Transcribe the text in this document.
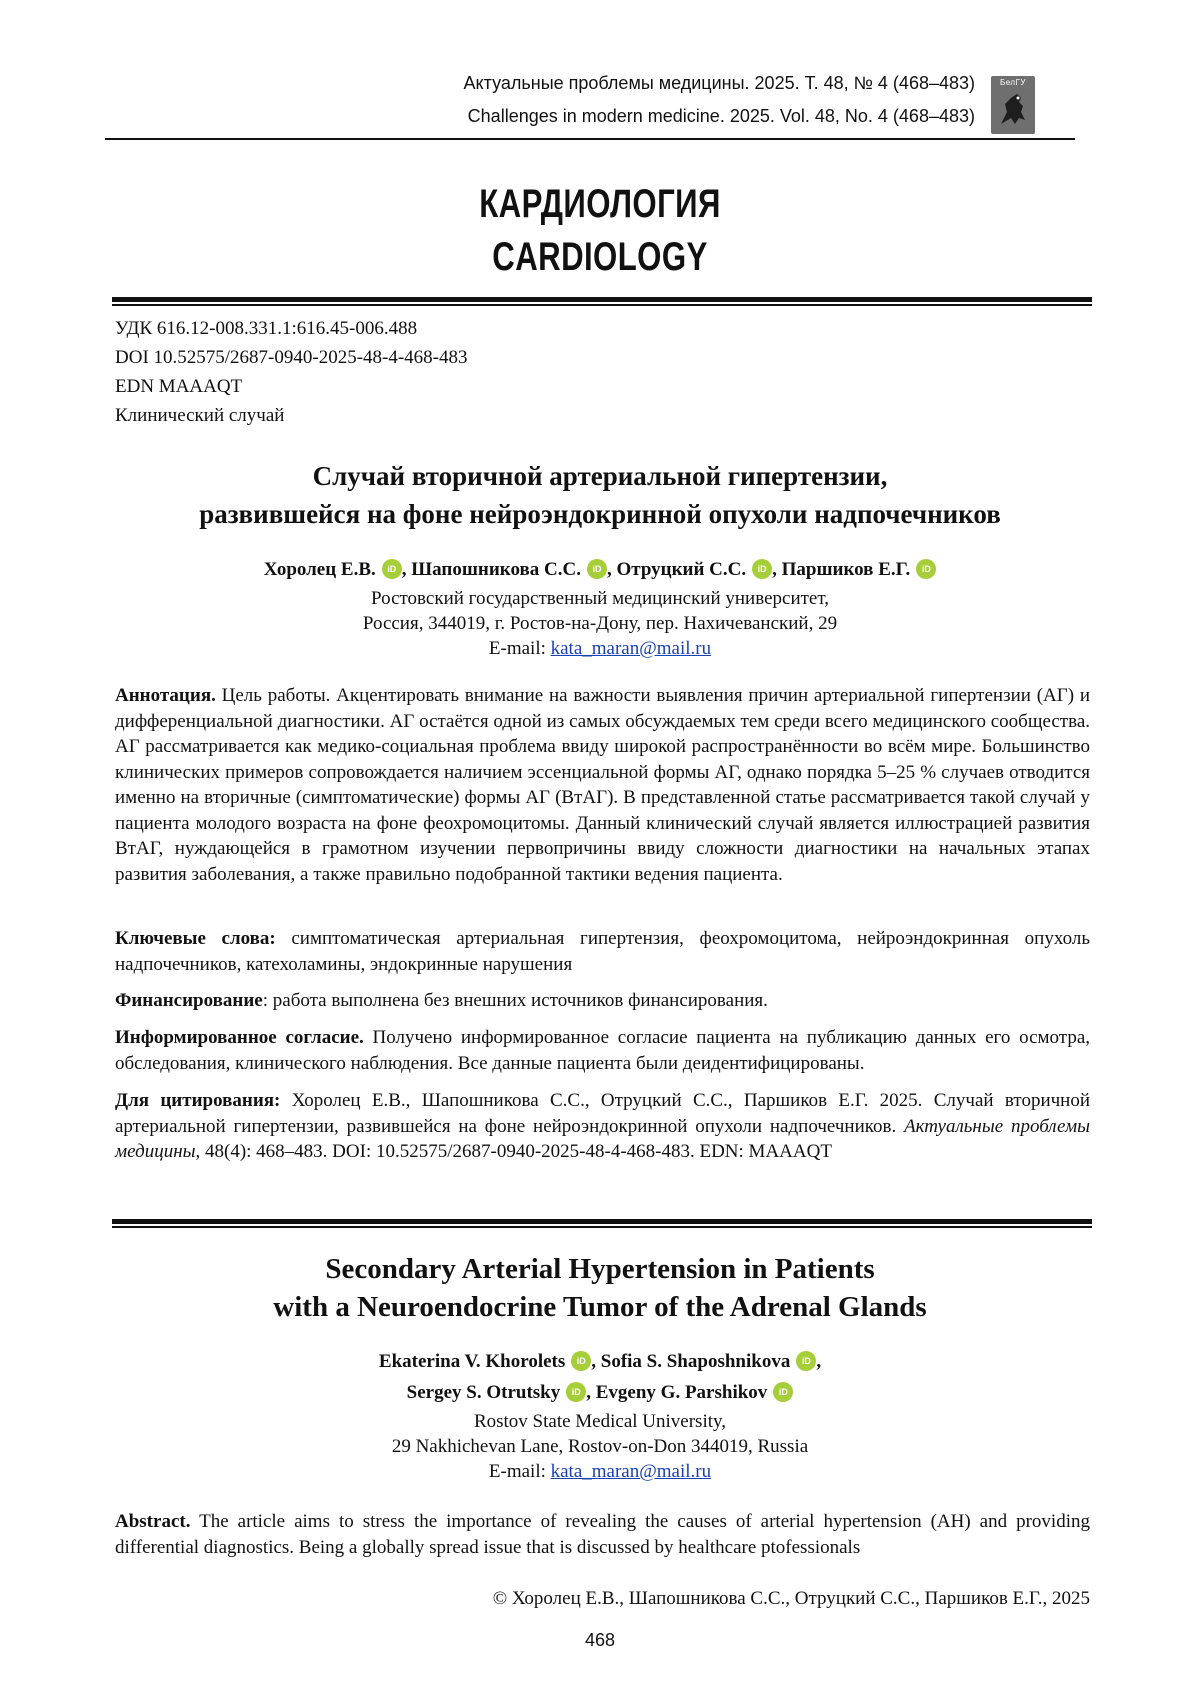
Актуальные проблемы медицины. 2025. Т. 48, № 4 (468–483)
Challenges in modern medicine. 2025. Vol. 48, No. 4 (468–483)
БелГУ
КАРДИОЛОГИЯ
CARDIOLOGY
УДК 616.12-008.331.1:616.45-006.488
DOI 10.52575/2687-0940-2025-48-4-468-483
EDN MAAAQT
Клинический случай
Случай вторичной артериальной гипертензии,
развившейся на фоне нейроэндокринной опухоли надпочечников
Хоролец Е.В. iD , Шапошникова С.С. iD , Отруцкий С.С. iD , Паршиков Е.Г. iD
Ростовский государственный медицинский университет,
Россия, 344019, г. Ростов-на-Дону, пер. Нахичеванский, 29
E-mail: kata_maran@mail.ru
Аннотация. Цель работы. Акцентировать внимание на важности выявления причин артериальной гипертензии (АГ) и дифференциальной диагностики. АГ остаётся одной из самых обсуждаемых тем среди всего медицинского сообщества. АГ рассматривается как медико-социальная проблема ввиду широкой распространённости во всём мире. Большинство клинических примеров сопровождается наличием эссенциальной формы АГ, однако порядка 5–25 % случаев отводится именно на вторичные (симптоматические) формы АГ (ВтАГ). В представленной статье рассматривается такой случай у пациента молодого возраста на фоне феохромоцитомы. Данный клинический случай является иллюстрацией развития ВтАГ, нуждающейся в грамотном изучении первопричины ввиду сложности диагностики на начальных этапах развития заболевания, а также правильно подобранной тактики ведения пациента.
Ключевые слова: симптоматическая артериальная гипертензия, феохромоцитома, нейроэндокринная опухоль надпочечников, катехоламины, эндокринные нарушения
Финансирование: работа выполнена без внешних источников финансирования.
Информированное согласие. Получено информированное согласие пациента на публикацию данных его осмотра, обследования, клинического наблюдения. Все данные пациента были деидентифицированы.
Для цитирования: Хоролец Е.В., Шапошникова С.С., Отруцкий С.С., Паршиков Е.Г. 2025. Случай вторичной артериальной гипертензии, развившейся на фоне нейроэндокринной опухоли надпочечников. Актуальные проблемы медицины, 48(4): 468–483. DOI: 10.52575/2687-0940-2025-48-4-468-483. EDN: MAAAQT
Secondary Arterial Hypertension in Patients
with a Neuroendocrine Tumor of the Adrenal Glands
Ekaterina V. Khorolets iD , Sofia S. Shaposhnikova iD ,
Sergey S. Otrutsky iD , Evgeny G. Parshikov iD
Rostov State Medical University,
29 Nakhichevan Lane, Rostov-on-Don 344019, Russia
E-mail: kata_maran@mail.ru
Abstract. The article aims to stress the importance of revealing the causes of arterial hypertension (AH) and providing differential diagnostics. Being a globally spread issue that is discussed by healthcare ptofessionals
© Хоролец Е.В., Шапошникова С.С., Отруцкий С.С., Паршиков Е.Г., 2025
468
